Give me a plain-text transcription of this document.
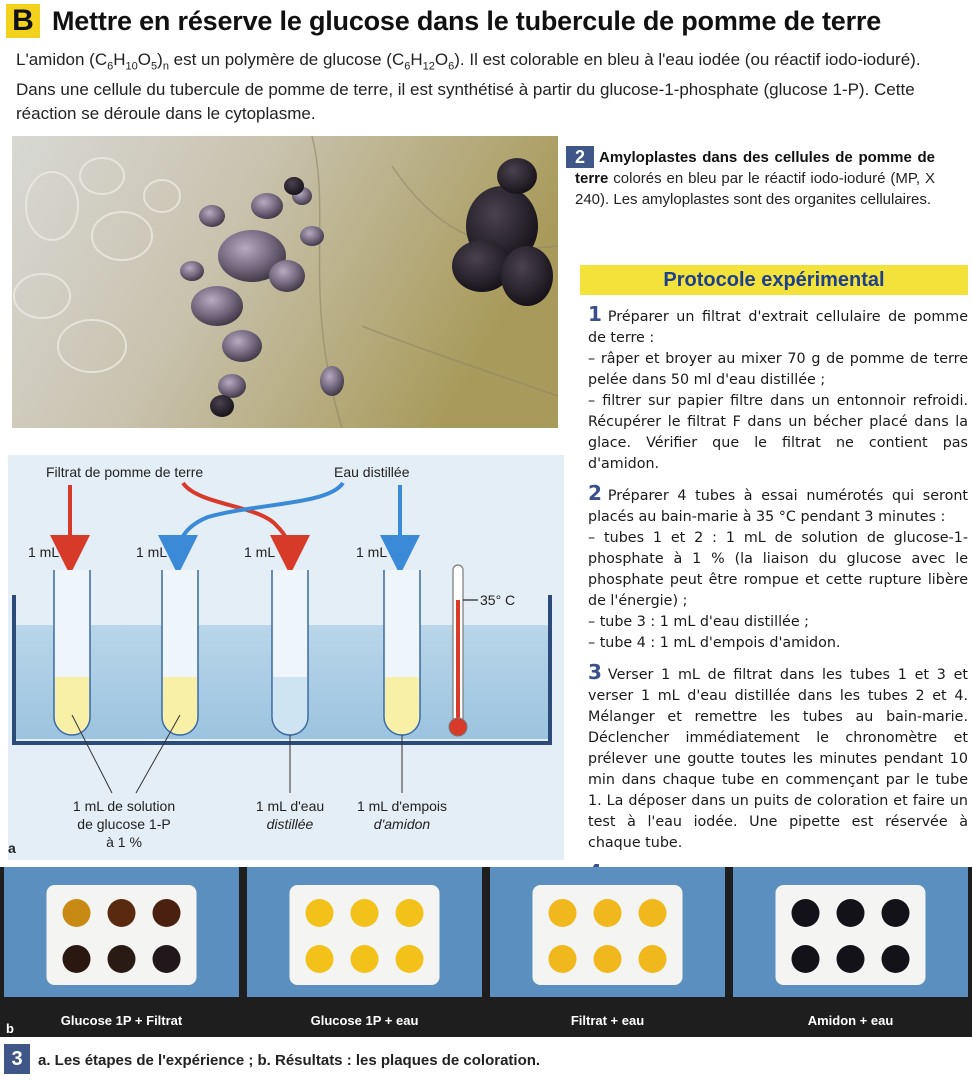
B Mettre en réserve le glucose dans le tubercule de pomme de terre
L'amidon $(C_6H_{10}O_5)_n$ est un polymère de glucose $(C_6H_{12}O_6)$. Il est colorable en bleu à l'eau iodée (ou réactif iodo-ioduré). Dans une cellule du tubercule de pomme de terre, il est synthétisé à partir du glucose-1-phosphate (glucose 1-P). Cette réaction se déroule dans le cytoplasme.
2 Amyloplastes dans des cellules de pomme de terre colorés en bleu par le réactif iodo-ioduré (MP, X 240). Les amyloplastes sont des organites cellulaires.
Protocole expérimental
1 Préparer un filtrat d'extrait cellulaire de pomme de terre :
– râper et broyer au mixer 70 g de pomme de terre pelée dans 50 ml d'eau distillée ;
– filtrer sur papier filtre dans un entonnoir refroidi. Récupérer le filtrat F dans un bécher placé dans la glace. Vérifier que le filtrat ne contient pas d'amidon.
2 Préparer 4 tubes à essai numérotés qui seront placés au bain-marie à 35 °C pendant 3 minutes :
– tubes 1 et 2 : 1 mL de solution de glucose-1-phosphate à 1 % (la liaison du glucose avec le phosphate peut être rompue et cette rupture libère de l'énergie) ;
– tube 3 : 1 mL d'eau distillée ;
– tube 4 : 1 mL d'empois d'amidon.
3 Verser 1 mL de filtrat dans les tubes 1 et 3 et verser 1 mL d'eau distillée dans les tubes 2 et 4. Mélanger et remettre les tubes au bain-marie. Déclencher immédiatement le chronomètre et prélever une goutte toutes les minutes pendant 10 min dans chaque tube en commençant par le tube 1. La déposer dans un puits de coloration et faire un test à l'eau iodée. Une pipette est réservée à chaque tube.
Filtrat de pomme de terre	Eau distillée
1 mL	1 mL	1 mL	1 mL
35° C
1 mL de solution
de glucose 1-P
à 1 %
1 mL d'eau
distillée
1 mL d'empois
d'amidon
a
Glucose 1P + Filtrat	Glucose 1P + eau	Filtrat + eau	Amidon + eau
b
3	a. Les étapes de l'expérience ; b. Résultats : les plaques de coloration.
